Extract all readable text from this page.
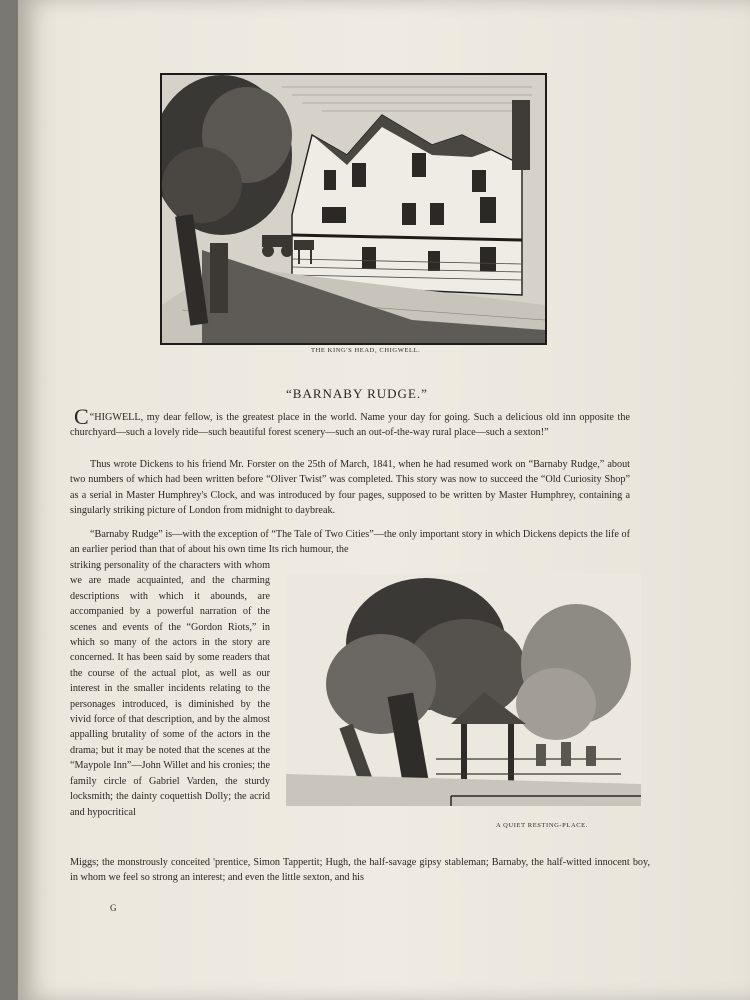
THE KING'S HEAD, CHIGWELL.
“BARNABY RUDGE.”
“
C HIGWELL, my dear fellow, is the greatest place in the world. Name your day for going. Such a delicious old inn opposite the churchyard—such a lovely ride—such beautiful forest scenery—such an out-of-the-way rural place—such a sexton!”
Thus wrote Dickens to his friend Mr. Forster on the 25th of March, 1841, when he had resumed work on “Barnaby Rudge,” about two numbers of which had been written before “Oliver Twist” was completed. This story was now to succeed the “Old Curiosity Shop” as a serial in Master Humphrey's Clock, and was introduced by four pages, supposed to be written by Master Humphrey, containing a singularly striking picture of London from midnight to daybreak.
“Barnaby Rudge” is—with the exception of “The Tale of Two Cities”—the only important story in which Dickens depicts the life of an earlier period than that of about his own time Its rich humour, the
striking personality of the characters with whom we are made acquainted, and the charming descriptions with which it abounds, are accompanied by a powerful narration of the scenes and events of the “Gordon Riots,” in which so many of the actors in the story are concerned. It has been said by some readers that the course of the actual plot, as well as our interest in the smaller incidents relating to the personages introduced, is diminished by the vivid force of that description, and by the almost appalling brutality of some of the actors in the drama; but it may be noted that the scenes at the “Maypole Inn”—John Willet and his cronies; the family circle of Gabriel Varden, the sturdy locksmith; the dainty coquettish Dolly; the acrid and hypocritical
Miggs; the monstrously conceited 'prentice, Simon Tappertit; Hugh, the half-savage gipsy stableman; Barnaby, the half-witted innocent boy, in whom we feel so strong an interest; and even the little sexton, and his
A QUIET RESTING-PLACE.
G
